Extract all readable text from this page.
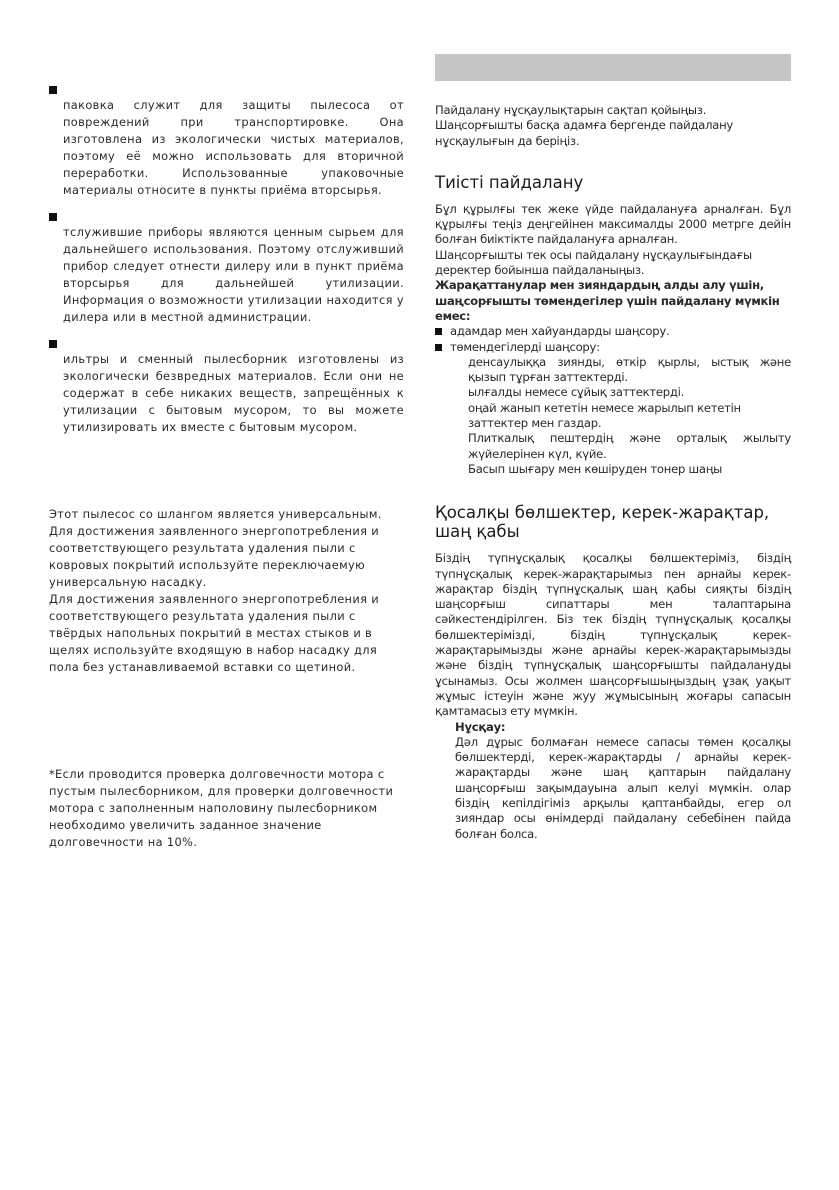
паковка служит для защиты пылесоса от повреждений при транспортировке. Она изготовлена из экологически чистых материалов, поэтому её можно использовать для вторичной переработки. Использованные упаковочные материалы относите в пункты приёма вторсырья.

тслужившие приборы являются ценным сырьем для дальнейшего использования. Поэтому отслуживший прибор следует отнести дилеру или в пункт приёма вторсырья для дальнейшей утилизации. Информация о возможности утилизации находится у дилера или в местной администрации.

ильтры и сменный пылесборник изготовлены из экологически безвредных материалов. Если они не содержат в себе никаких веществ, запрещённых к утилизации с бытовым мусором, то вы можете утилизировать их вместе с бытовым мусором.

Этот пылесос со шлангом является универсальным. Для достижения заявленного энергопотребления и соответствующего результата удаления пыли с ковровых покрытий используйте переключаемую универсальную насадку.

Для достижения заявленного энергопотребления и соответствующего результата удаления пыли с твёрдых напольных покрытий в местах стыков и в щелях используйте входящую в набор насадку для пола без устанавливаемой вставки со щетиной.

*Если проводится проверка долговечности мотора с пустым пылесборником, для проверки долговечности мотора с заполненным наполовину пылесборником необходимо увеличить заданное значение долговечности на 10%.

Пайдалану нұсқаулықтарын сақтап қойыңыз. Шаңсорғышты басқа адамға бергенде пайдалану нұсқаулығын да беріңіз.

Тиісті пайдалану

Бұл құрылғы тек жеке үйде пайдалануға арналған. Бұл құрылғы теңіз деңгейінен максималды 2000 метрге дейін болған биіктікте пайдалануға арналған.

Шаңсорғышты тек осы пайдалану нұсқаулығындағы деректер бойынша пайдаланыңыз.

Жарақаттанулар мен зияндардың алды алу үшін, шаңсорғышты төмендегілер үшін пайдалану мүмкін емес:

адамдар мен хайуандарды шаңсору.
төмендегілерді шаңсору:

денсаулыққа зиянды, өткір қырлы, ыстық және қызып тұрған заттектерді.

ылғалды немесе сұйық заттектерді.

оңай жанып кететін немесе жарылып кететін заттектер мен газдар.

Плиткалық пештердің және орталық жылыту жүйелерінен күл, күйе.

Басып шығару мен көшіруден тонер шаңы

Қосалқы бөлшектер, керек-жарақтар, шаң қабы

Біздің түпнұсқалық қосалқы бөлшектеріміз, біздің түпнұсқалық керек-жарақтарымыз пен арнайы керек-жарақтар біздің түпнұсқалық шаң қабы сияқты біздің шаңсорғыш сипаттары мен талаптарына сәйкестендірілген. Біз тек біздің түпнұсқалық қосалқы бөлшектерімізді, біздің түпнұсқалық керек-жарақтарымызды және арнайы керек-жарақтарымызды және біздің түпнұсқалық шаңсорғышты пайдалануды ұсынамыз. Осы жолмен шаңсорғышыңыздың ұзақ уақыт жұмыс істеуін және жуу жұмысының жоғары сапасын қамтамасыз ету мүмкін.

Нұсқау:

Дәл дұрыс болмаған немесе сапасы төмен қосалқы бөлшектерді, керек-жарақтарды / арнайы керек-жарақтарды және шаң қаптарын пайдалану шаңсорғыш зақымдауына алып келуі мүмкін. олар біздің кепілдігіміз арқылы қаптанбайды, егер ол зияндар осы өнімдерді пайдалану себебінен пайда болған болса.
